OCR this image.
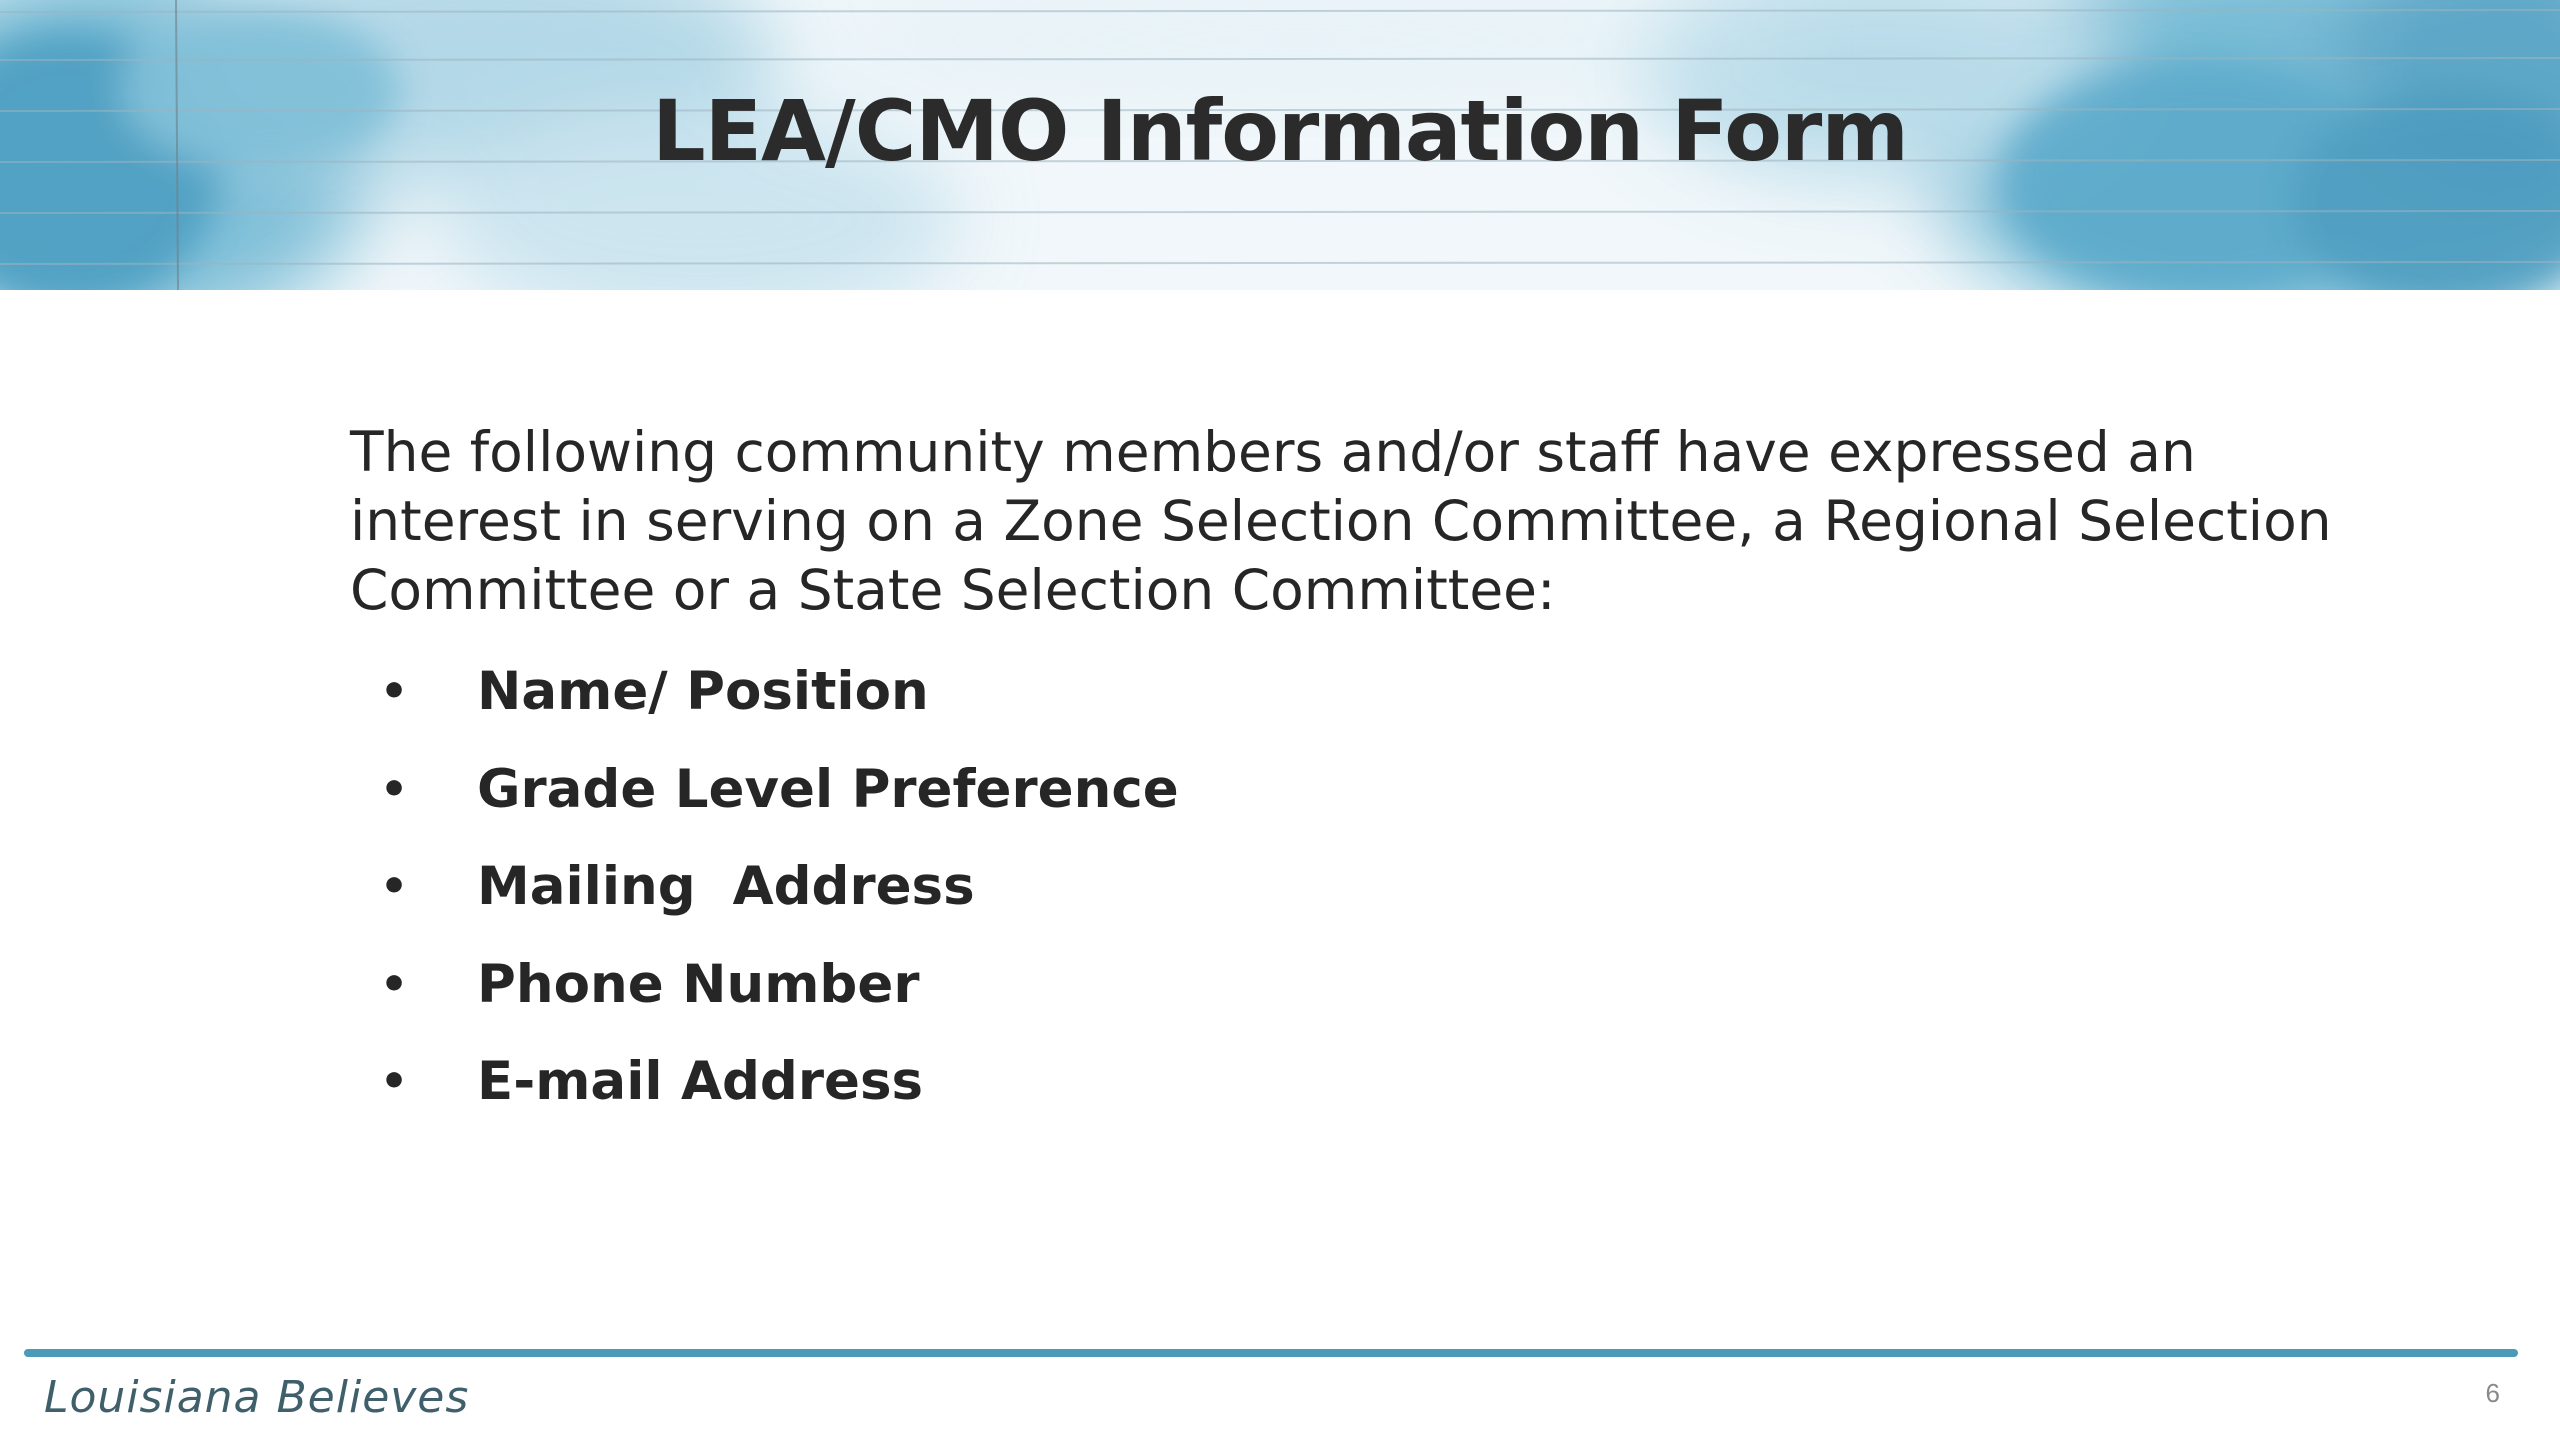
LEA/CMO Information Form

The following community members and/or staff have expressed an interest in serving on a Zone Selection Committee, a Regional Selection Committee or a State Selection Committee:

• Name/ Position
• Grade Level Preference
• Mailing  Address
• Phone Number
• E-mail Address
Louisiana Believes	6
